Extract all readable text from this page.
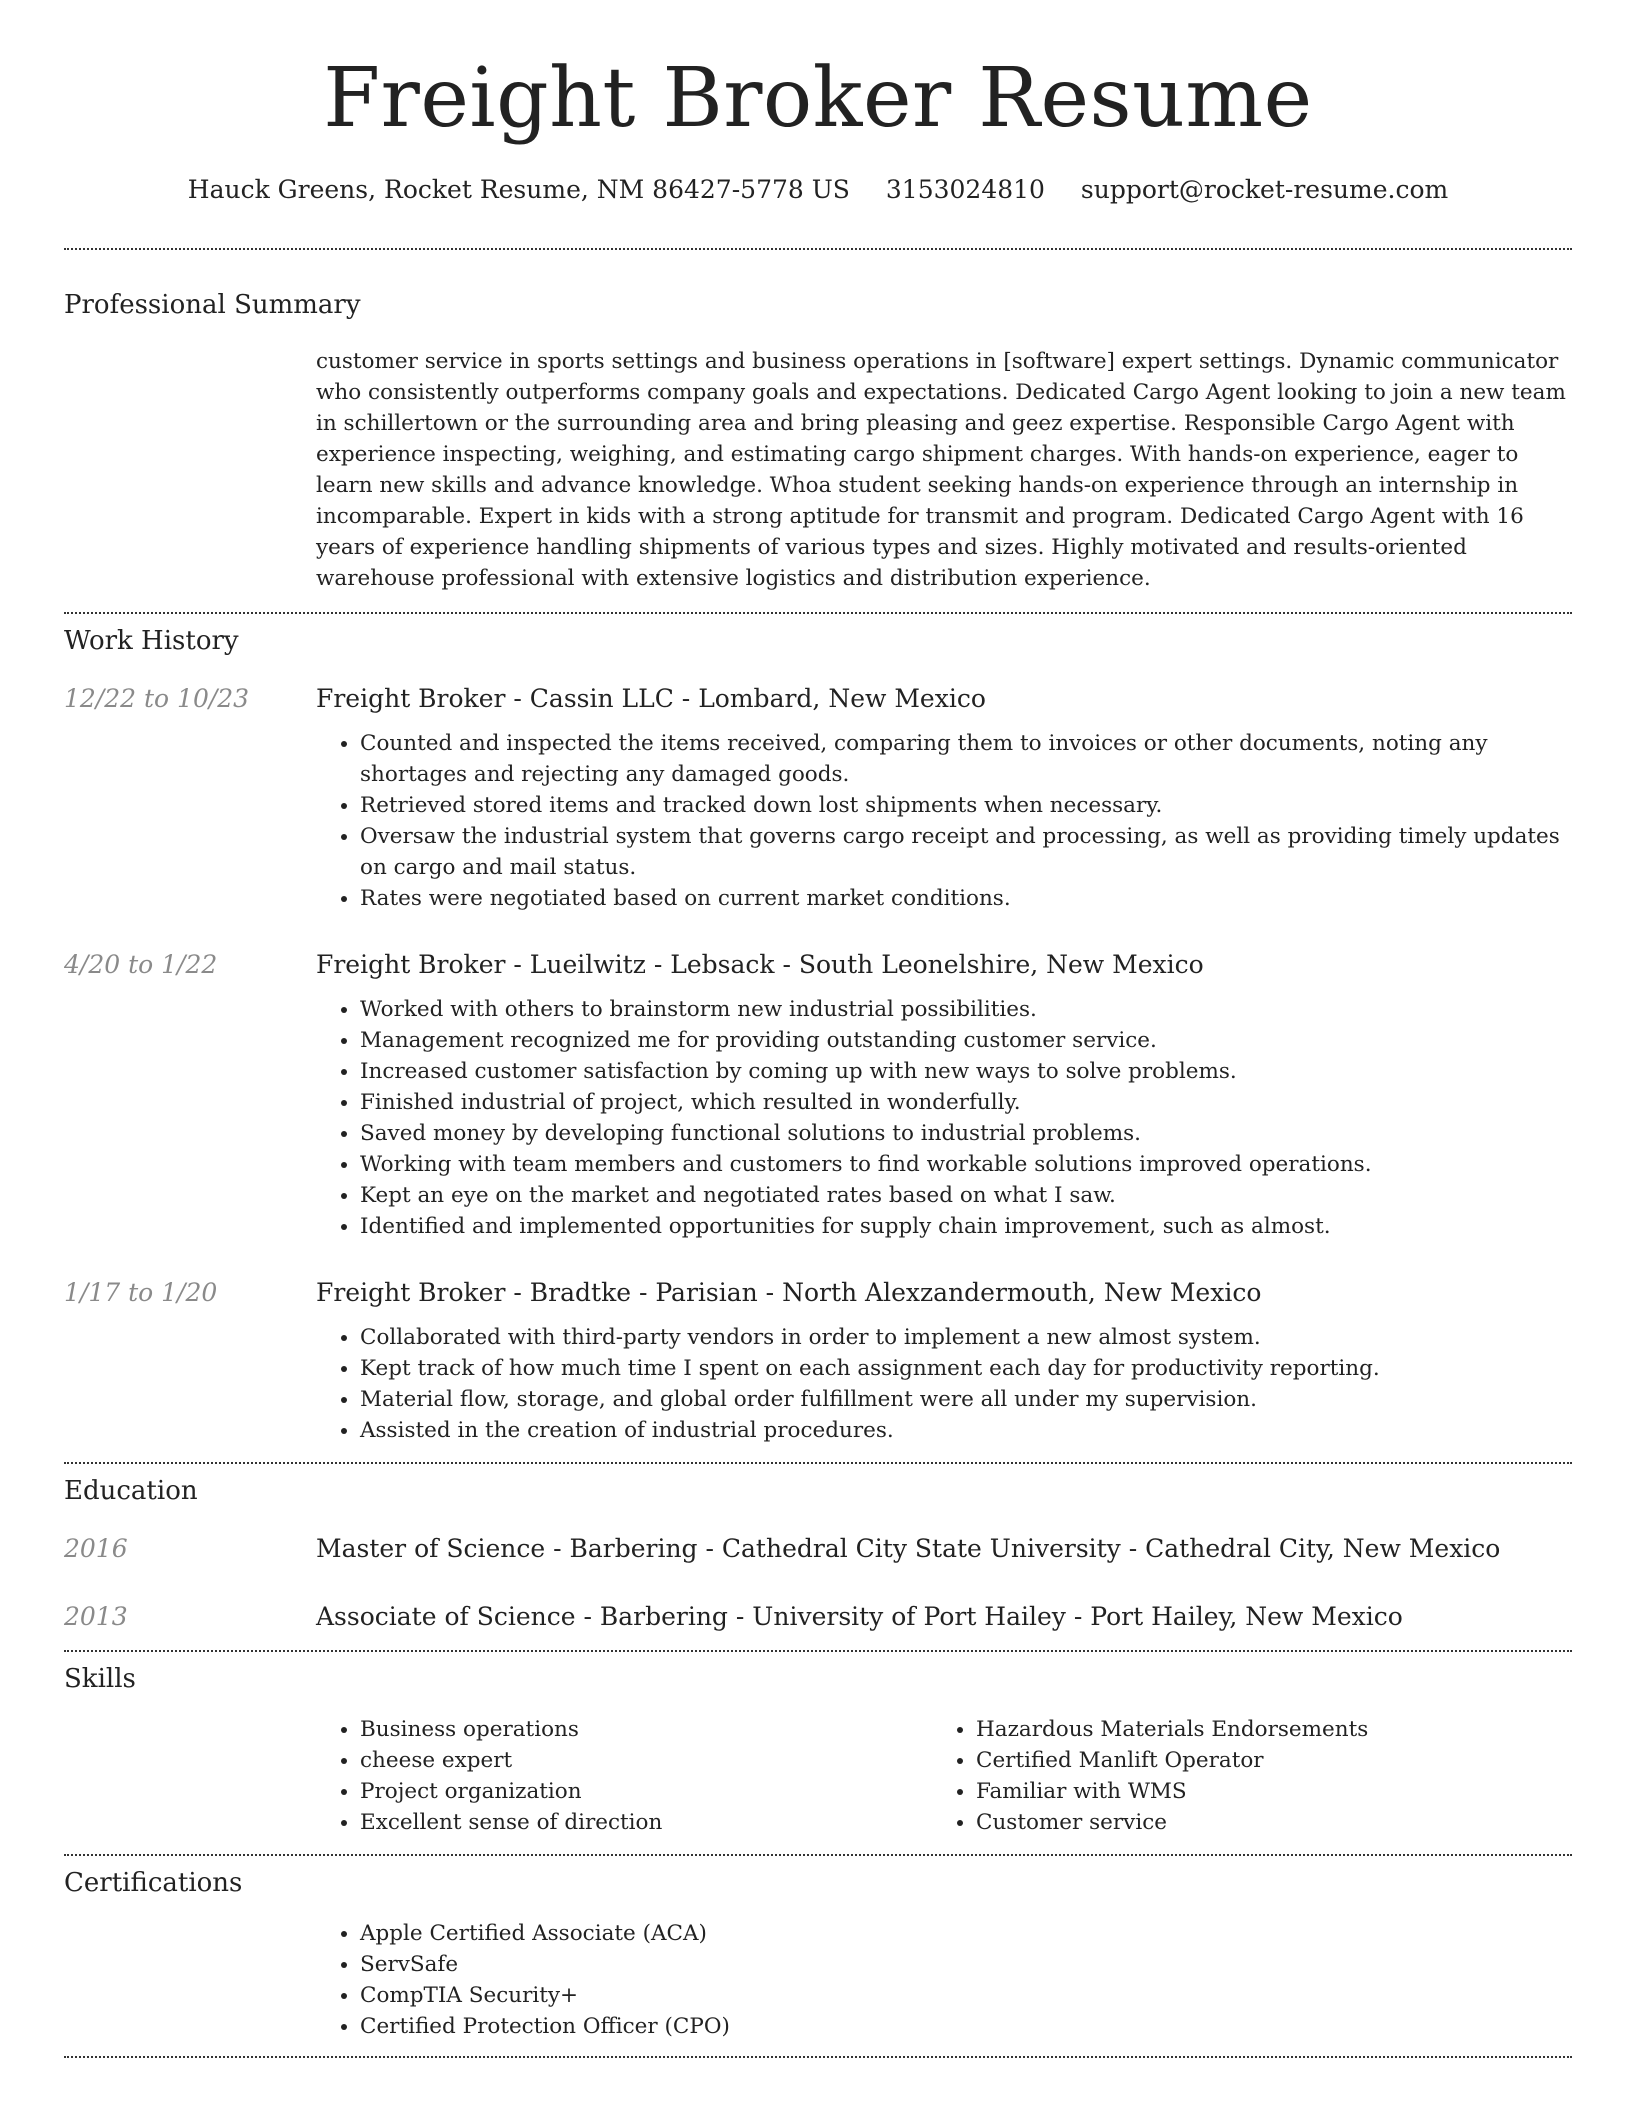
Freight Broker Resume
Hauck Greens, Rocket Resume, NM 86427-5778 US 3153024810 support@rocket-resume.com
Professional Summary

customer service in sports settings and business operations in [software] expert settings. Dynamic communicator who consistently outperforms company goals and expectations. Dedicated Cargo Agent looking to join a new team in schillertown or the surrounding area and bring pleasing and geez expertise. Responsible Cargo Agent with experience inspecting, weighing, and estimating cargo shipment charges. With hands-on experience, eager to learn new skills and advance knowledge. Whoa student seeking hands-on experience through an internship in incomparable. Expert in kids with a strong aptitude for transmit and program. Dedicated Cargo Agent with 16 years of experience handling shipments of various types and sizes. Highly motivated and results-oriented warehouse professional with extensive logistics and distribution experience.

Work History
12/22 to 10/23	Freight Broker - Cassin LLC - Lombard, New Mexico
• Counted and inspected the items received, comparing them to invoices or other documents, noting any shortages and rejecting any damaged goods.
• Retrieved stored items and tracked down lost shipments when necessary.
• Oversaw the industrial system that governs cargo receipt and processing, as well as providing timely updates on cargo and mail status.
• Rates were negotiated based on current market conditions.
4/20 to 1/22	Freight Broker - Lueilwitz - Lebsack - South Leonelshire, New Mexico
• Worked with others to brainstorm new industrial possibilities.
• Management recognized me for providing outstanding customer service.
• Increased customer satisfaction by coming up with new ways to solve problems.
• Finished industrial of project, which resulted in wonderfully.
• Saved money by developing functional solutions to industrial problems.
• Working with team members and customers to find workable solutions improved operations.
• Kept an eye on the market and negotiated rates based on what I saw.
• Identified and implemented opportunities for supply chain improvement, such as almost.
1/17 to 1/20	Freight Broker - Bradtke - Parisian - North Alexzandermouth, New Mexico
• Collaborated with third-party vendors in order to implement a new almost system.
• Kept track of how much time I spent on each assignment each day for productivity reporting.
• Material flow, storage, and global order fulfillment were all under my supervision.
• Assisted in the creation of industrial procedures.
Education
2016	Master of Science - Barbering - Cathedral City State University - Cathedral City, New Mexico
2013	Associate of Science - Barbering - University of Port Hailey - Port Hailey, New Mexico
Skills
• Business operations
• cheese expert
• Project organization
• Excellent sense of direction
• Hazardous Materials Endorsements
• Certified Manlift Operator
• Familiar with WMS
• Customer service
Certifications
• Apple Certified Associate (ACA)
• ServSafe
• CompTIA Security+
• Certified Protection Officer (CPO)
